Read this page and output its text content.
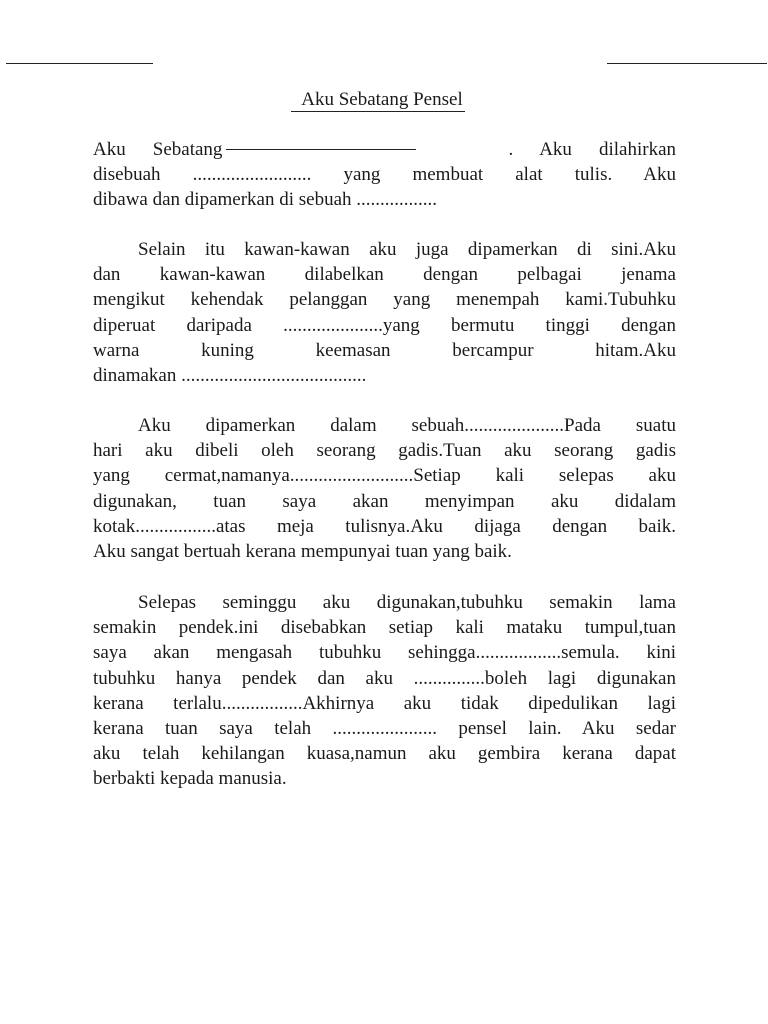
Aku Sebatang Pensel
Aku Sebatang	. Aku dilahirkan
disebuah ......................... yang membuat alat tulis. Aku
dibawa dan dipamerkan di sebuah .................
Selain itu kawan-kawan aku juga dipamerkan di sini.Aku
dan kawan-kawan dilabelkan dengan pelbagai jenama
mengikut kehendak pelanggan yang menempah kami.Tubuhku
diperuat daripada .....................yang bermutu tinggi dengan
warna kuning keemasan bercampur hitam.Aku
dinamakan .......................................
Aku dipamerkan dalam sebuah.....................Pada suatu
hari aku dibeli oleh seorang gadis.Tuan aku seorang gadis
yang cermat,namanya..........................Setiap kali selepas aku
digunakan, tuan saya akan menyimpan aku didalam
kotak.................atas meja tulisnya.Aku dijaga dengan baik.
Aku sangat bertuah kerana mempunyai tuan yang baik.
Selepas seminggu aku digunakan,tubuhku semakin lama
semakin pendek.ini disebabkan setiap kali mataku tumpul,tuan
saya akan mengasah tubuhku sehingga..................semula. kini
tubuhku hanya pendek dan aku ...............boleh lagi digunakan
kerana terlalu.................Akhirnya aku tidak dipedulikan lagi
kerana tuan saya telah ...................... pensel lain. Aku sedar
aku telah kehilangan kuasa,namun aku gembira kerana dapat
berbakti kepada manusia.
